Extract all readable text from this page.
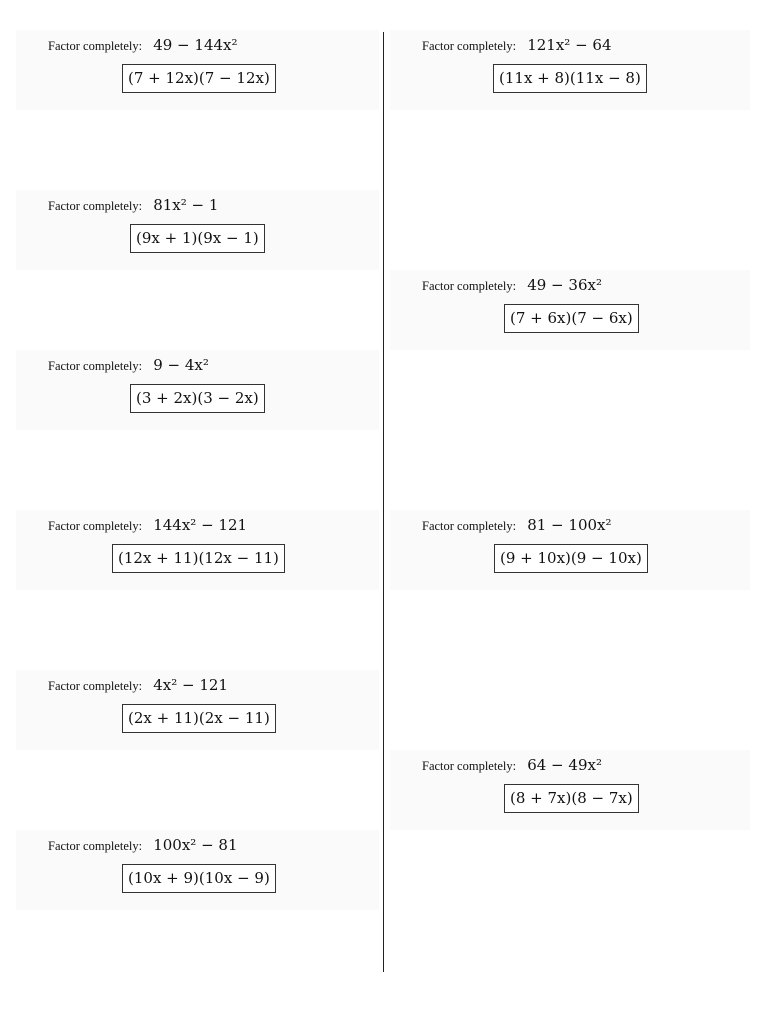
Factor completely: 49 − 144x²
(7 + 12x)(7 − 12x)
Factor completely: 81x² − 1
(9x + 1)(9x − 1)
Factor completely: 9 − 4x²
(3 + 2x)(3 − 2x)
Factor completely: 144x² − 121
(12x + 11)(12x − 11)
Factor completely: 4x² − 121
(2x + 11)(2x − 11)
Factor completely: 100x² − 81
(10x + 9)(10x − 9)
Factor completely: 121x² − 64
(11x + 8)(11x − 8)
Factor completely: 49 − 36x²
(7 + 6x)(7 − 6x)
Factor completely: 81 − 100x²
(9 + 10x)(9 − 10x)
Factor completely: 64 − 49x²
(8 + 7x)(8 − 7x)
